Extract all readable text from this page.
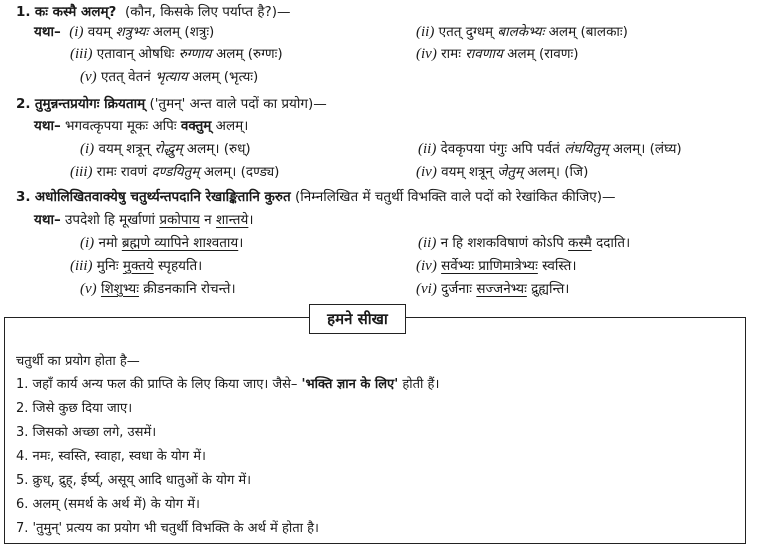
1. कः कस्मै अलम्? (कौन, किसके लिए पर्याप्त है?)—
यथा– (i) वयम् शत्रुभ्यः अलम् (शत्रुः)	(ii) एतत् दुग्धम् बालकेभ्यः अलम् (बालकाः)
(iii) एतावान् ओषधिः रुग्णाय अलम् (रुग्णः)	(iv) रामः रावणाय अलम् (रावणः)
(v) एतत् वेतनं भृत्याय अलम् (भृत्यः)
2. तुमुन्नन्तप्रयोगः क्रियताम् ('तुमन्' अन्त वाले पदों का प्रयोग)—
यथा– भगवत्कृपया मूकः अपिः वक्तुम् अलम्।
(i) वयम् शत्रून् रोद्धुम् अलम्। (रुध्)	(ii) देवकृपया पंगुः अपि पर्वतं लंघयितुम् अलम्। (लंघ्य)
(iii) रामः रावणं दण्डयितुम् अलम्। (दण्ड्य)	(iv) वयम् शत्रून् जेतुम् अलम्। (जि)
3. अधोलिखितवाक्येषु चतुर्थ्यन्तपदानि रेखाङ्कितानि कुरुत (निम्नलिखित में चतुर्थी विभक्ति वाले पदों को रेखांकित कीजिए)—
यथा– उपदेशो हि मूर्खाणां प्रकोपाय न शान्तये।
(i) नमो ब्रह्मणे व्यापिने शाश्वताय।	(ii) न हि शशकविषाणं कोऽपि कस्मै ददाति।
(iii) मुनिः मुक्तये स्पृहयति।	(iv) सर्वेभ्यः प्राणिमात्रेभ्यः स्वस्ति।
(v) शिशुभ्यः क्रीडनकानि रोचन्ते।	(vi) दुर्जनाः सज्जनेभ्यः द्रुह्यन्ति।
हमने सीखा
चतुर्थी का प्रयोग होता है—
1. जहाँ कार्य अन्य फल की प्राप्ति के लिए किया जाए। जैसे– 'भक्ति ज्ञान के लिए' होती हैं।
2. जिसे कुछ दिया जाए।
3. जिसको अच्छा लगे, उसमें।
4. नमः, स्वस्ति, स्वाहा, स्वधा के योग में।
5. क्रुध्, द्रुह्, ईर्ष्य्, असूय् आदि धातुओं के योग में।
6. अलम् (समर्थ के अर्थ में) के योग में।
7. 'तुमुन्' प्रत्यय का प्रयोग भी चतुर्थी विभक्ति के अर्थ में होता है।
